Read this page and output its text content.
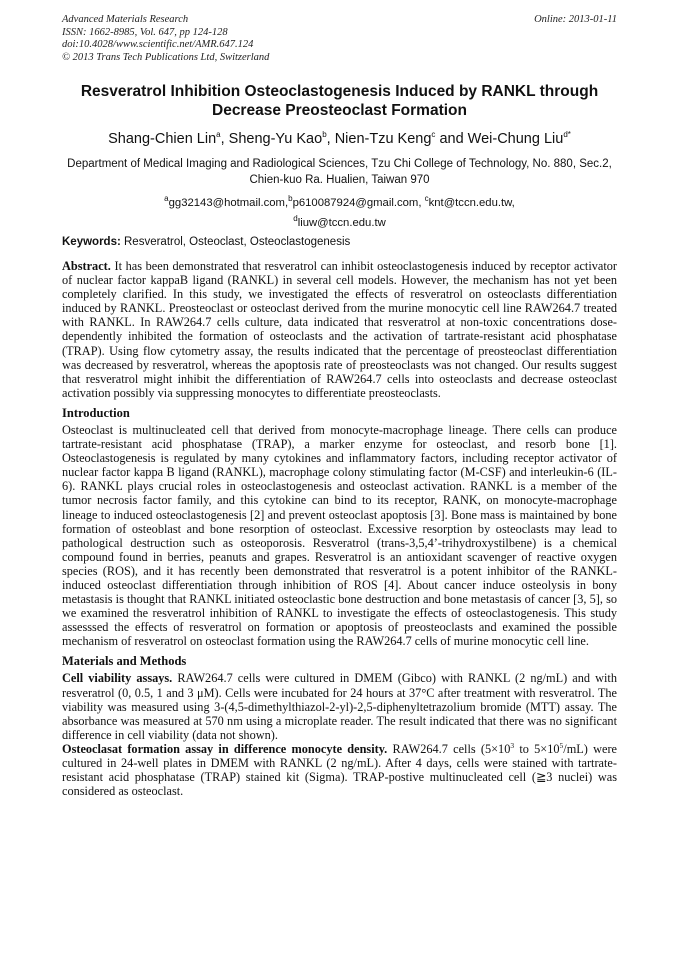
Advanced Materials Research
ISSN: 1662-8985, Vol. 647, pp 124-128
doi:10.4028/www.scientific.net/AMR.647.124
© 2013 Trans Tech Publications Ltd, Switzerland
Online: 2013-01-11
Resveratrol Inhibition Osteoclastogenesis Induced by RANKL through Decrease Preosteoclast Formation
Shang-Chien Lin$^a$, Sheng-Yu Kao$^b$, Nien-Tzu Keng$^c$ and Wei-Chung Liu$^{d*}$
Department of Medical Imaging and Radiological Sciences, Tzu Chi College of Technology, No. 880, Sec.2, Chien-kuo Ra. Hualien, Taiwan 970
$^a$gg32143@hotmail.com,$^b$p610087924@gmail.com, $^c$knt@tccn.edu.tw,
$^d$liuw@tccn.edu.tw
Keywords: Resveratrol, Osteoclast, Osteoclastogenesis

Abstract. It has been demonstrated that resveratrol can inhibit osteoclastogenesis induced by receptor activator of nuclear factor kappaB ligand (RANKL) in several cell models. However, the mechanism has not yet been completely clarified. In this study, we investigated the effects of resveratrol on osteoclasts differentiation induced by RANKL. Preosteoclast or osteoclast derived from the murine monocytic cell line RAW264.7 treated with RANKL. In RAW264.7 cells culture, data indicated that resveratrol at non-toxic concentrations dose-dependently inhibited the formation of osteoclasts and the activation of tartrate-resistant acid phosphatase (TRAP). Using flow cytometry assay, the results indicated that the percentage of preosteoclast differentiation was decreased by resveratrol, whereas the apoptosis rate of preosteoclasts was not changed. Our results suggest that resveratrol might inhibit the differentiation of RAW264.7 cells into osteoclasts and decrease osteoclast activation possibly via suppressing monocytes to differentiate preosteoclasts.

Introduction

Osteoclast is multinucleated cell that derived from monocyte-macrophage lineage. There cells can produce tartrate-resistant acid phosphatase (TRAP), a marker enzyme for osteoclast, and resorb bone [1]. Osteoclastogenesis is regulated by many cytokines and inflammatory factors, including receptor activator of nuclear factor kappa B ligand (RANKL), macrophage colony stimulating factor (M-CSF) and interleukin-6 (IL-6). RANKL plays crucial roles in osteoclastogenesis and osteoclast activation. RANKL is a member of the tumor necrosis factor family, and this cytokine can bind to its receptor, RANK, on monocyte-macrophage lineage to induced osteoclastogenesis [2] and prevent osteoclast apoptosis [3]. Bone mass is maintained by bone formation of osteoblast and bone resorption of osteoclast. Excessive resorption by osteoclasts may lead to pathological destruction such as osteoporosis. Resveratrol (trans-3,5,4’-trihydroxystilbene) is a chemical compound found in berries, peanuts and grapes. Resveratrol is an antioxidant scavenger of reactive oxygen species (ROS), and it has recently been demonstrated that resveratrol is a potent inhibitor of the RANKL-induced osteoclast differentiation through inhibition of ROS [4]. About cancer induce osteolysis in bony metastasis is thought that RANKL initiated osteoclastic bone destruction and bone metastasis of cancer [3, 5], so we examined the resveratrol inhibition of RANKL to investigate the effects of osteoclastogenesis. This study assesssed the effects of resveratrol on formation or apoptosis of preosteoclasts and examined the possible mechanism of resveratrol on osteoclast formation using the RAW264.7 cells of murine monocytic cell line.

Materials and Methods

Cell viability assays. RAW264.7 cells were cultured in DMEM (Gibco) with RANKL (2 ng/mL) and with resveratrol (0, 0.5, 1 and 3 μM). Cells were incubated for 24 hours at 37°C after treatment with resveratrol. The viability was measured using 3-(4,5-dimethylthiazol-2-yl)-2,5-diphenyltetrazolium bromide (MTT) assay. The absorbance was measured at 570 nm using a microplate reader. The result indicated that there was no significant difference in cell viability (data not shown).

Osteoclasat formation assay in difference monocyte density. RAW264.7 cells ($5\times 10^3$ to $5\times 10^5/mL$) were cultured in 24-well plates in DMEM with RANKL (2 ng/mL). After 4 days, cells were stained with tartrate-resistant acid phosphatase (TRAP) stained kit (Sigma). TRAP-postive multinucleated cell (≧3 nuclei) was considered as osteoclast.
